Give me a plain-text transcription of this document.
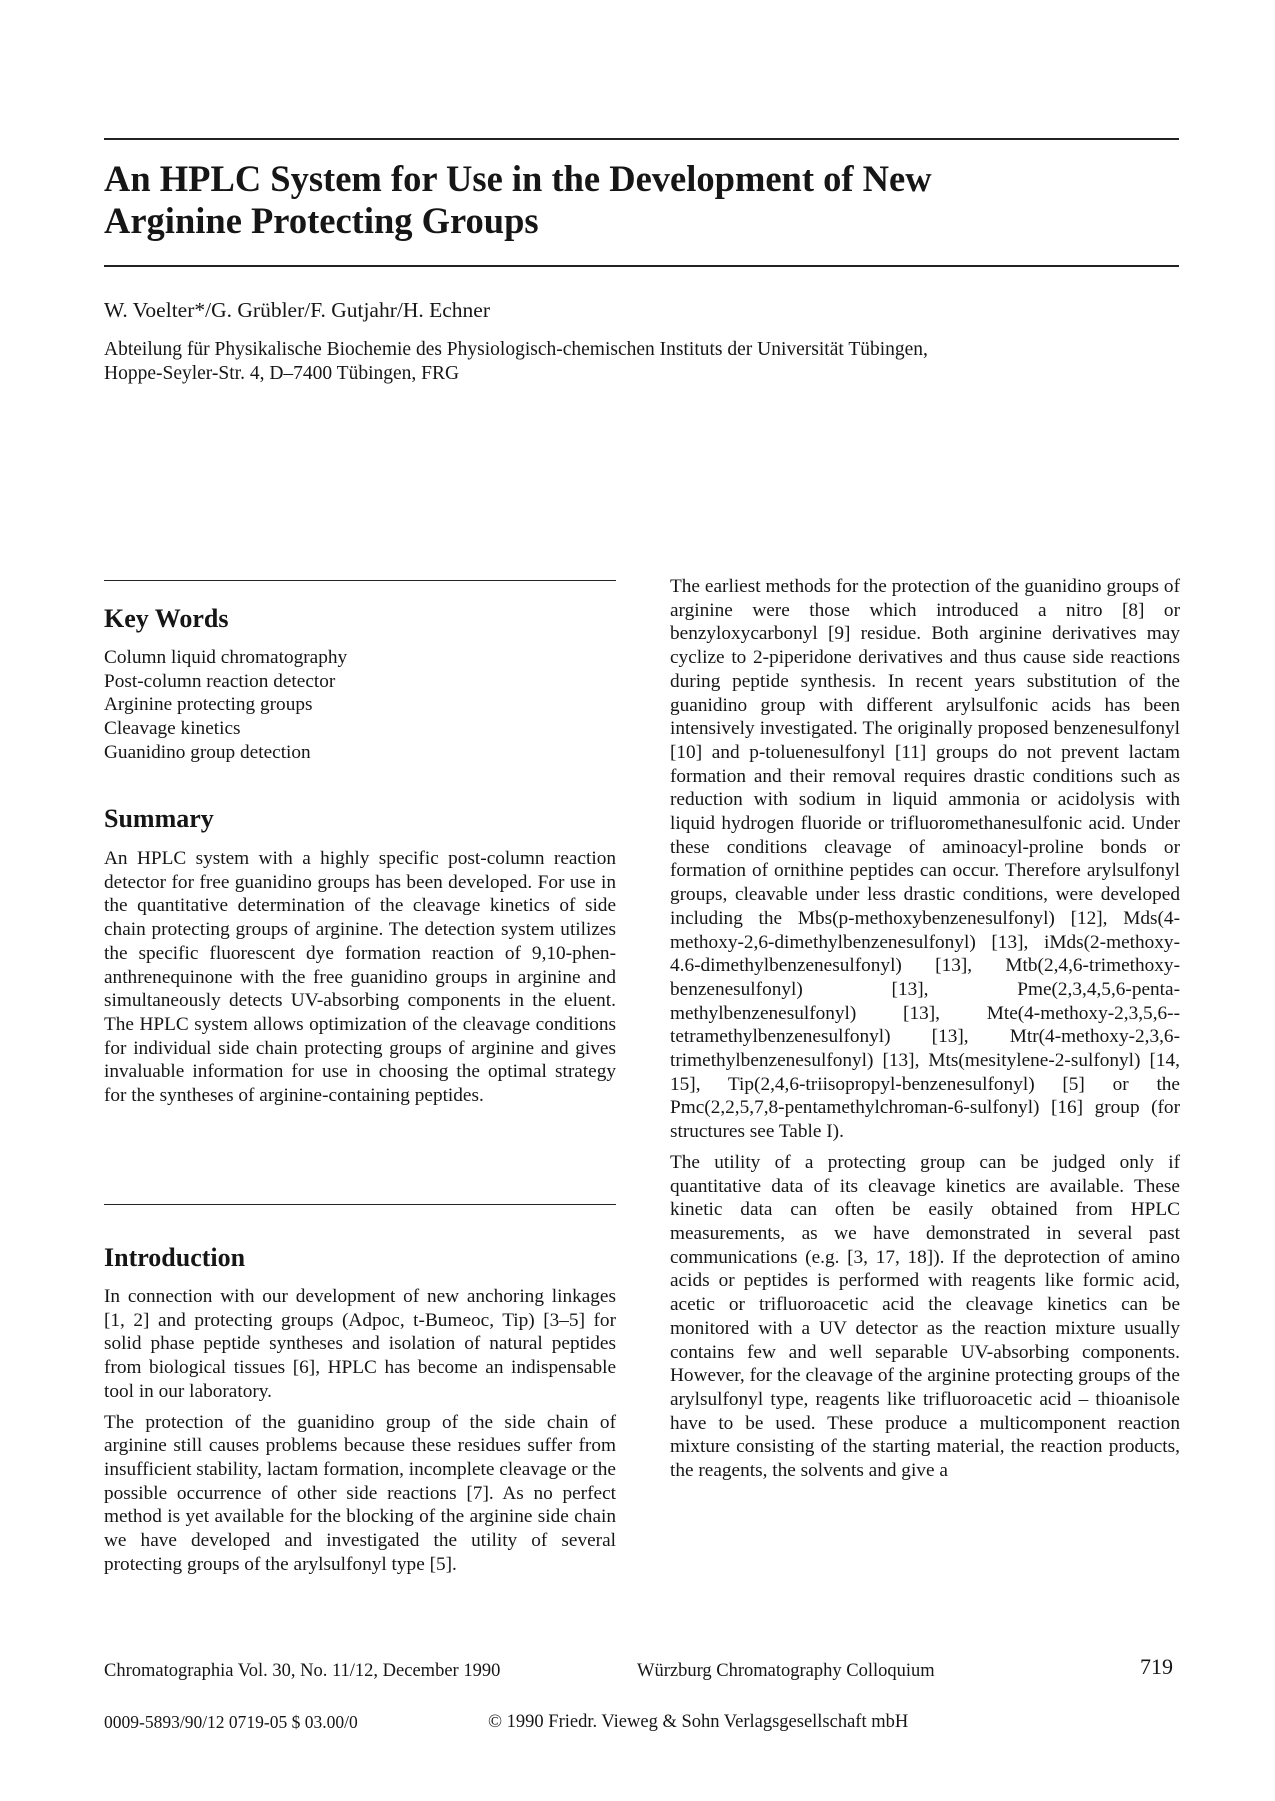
An HPLC System for Use in the Development of New
Arginine Protecting Groups
W. Voelter*/G. Grübler/F. Gutjahr/H. Echner
Abteilung für Physikalische Biochemie des Physiologisch-chemischen Instituts der Universität Tübingen,
Hoppe-Seyler-Str. 4, D–7400 Tübingen, FRG
Key Words
Column liquid chromatography
Post-column reaction detector
Arginine protecting groups
Cleavage kinetics
Guanidino group detection
Summary

An HPLC system with a highly specific post-column reaction detector for free guanidino groups has been developed. For use in the quantitative determination of the cleavage kinetics of side chain protecting groups of arginine. The detection system utilizes the specific fluorescent dye formation reaction of 9,10-phenanthrenequinone with the free guanidino groups in arginine and simultaneously detects UV-absorbing components in the eluent. The HPLC system allows optimization of the cleavage conditions for individual side chain protecting groups of arginine and gives invaluable information for use in choosing the optimal strategy for the syntheses of arginine-containing peptides.

Introduction

In connection with our development of new anchoring linkages [1, 2] and protecting groups (Adpoc, t-Bumeoc, Tip) [3–5] for solid phase peptide syntheses and isolation of natural peptides from biological tissues [6], HPLC has become an indispensable tool in our laboratory.

The protection of the guanidino group of the side chain of arginine still causes problems because these residues suffer from insufficient stability, lactam formation, incomplete cleavage or the possible occurrence of other side reactions [7]. As no perfect method is yet available for the blocking of the arginine side chain we have developed and investigated the utility of several protecting groups of the arylsulfonyl type [5].

The earliest methods for the protection of the guanidino groups of arginine were those which introduced a nitro [8] or benzyloxycarbonyl [9] residue. Both arginine derivatives may cyclize to 2-piperidone derivatives and thus cause side reactions during peptide synthesis. In recent years substitution of the guanidino group with different arylsulfonic acids has been intensively investigated. The originally proposed benzenesulfonyl [10] and p-toluenesulfonyl [11] groups do not prevent lactam formation and their removal requires drastic conditions such as reduction with sodium in liquid ammonia or acidolysis with liquid hydrogen fluoride or trifluoromethanesulfonic acid. Under these conditions cleavage of aminoacyl-proline bonds or formation of ornithine peptides can occur. Therefore arylsulfonyl groups, cleavable under less drastic conditions, were developed including the Mbs(p-methoxybenzenesulfonyl) [12], Mds(4-methoxy-2,6-dimethylbenzenesulfonyl) [13], iMds(2-methoxy-4.6-dimethylbenzenesulfonyl) [13], Mtb(2,4,6-trimethoxy-benzenesulfonyl) [13], Pme(2,3,4,5,6-pentamethylbenzenesulfonyl) [13], Mte(4-methoxy-2,3,5,6-tetramethylbenzenesulfonyl) [13], Mtr(4-methoxy-2,3,6-trimethylbenzenesulfonyl) [13], Mts(mesitylene-2-sulfonyl) [14, 15], Tip(2,4,6-triisopropyl-benzenesulfonyl) [5] or the Pmc(2,2,5,7,8-pentamethylchroman-6-sulfonyl) [16] group (for structures see Table I).

The utility of a protecting group can be judged only if quantitative data of its cleavage kinetics are available. These kinetic data can often be easily obtained from HPLC measurements, as we have demonstrated in several past communications (e.g. [3, 17, 18]). If the deprotection of amino acids or peptides is performed with reagents like formic acid, acetic or trifluoroacetic acid the cleavage kinetics can be monitored with a UV detector as the reaction mixture usually contains few and well separable UV-absorbing components. However, for the cleavage of the arginine protecting groups of the arylsulfonyl type, reagents like trifluoroacetic acid – thioanisole have to be used. These produce a multicomponent reaction mixture consisting of the starting material, the reaction products, the reagents, the solvents and give a

Chromatographia Vol. 30, No. 11/12, December 1990	Würzburg Chromatography Colloquium	719
0009-5893/90/12 0719-05 $ 03.00/0	© 1990 Friedr. Vieweg & Sohn Verlagsgesellschaft mbH
